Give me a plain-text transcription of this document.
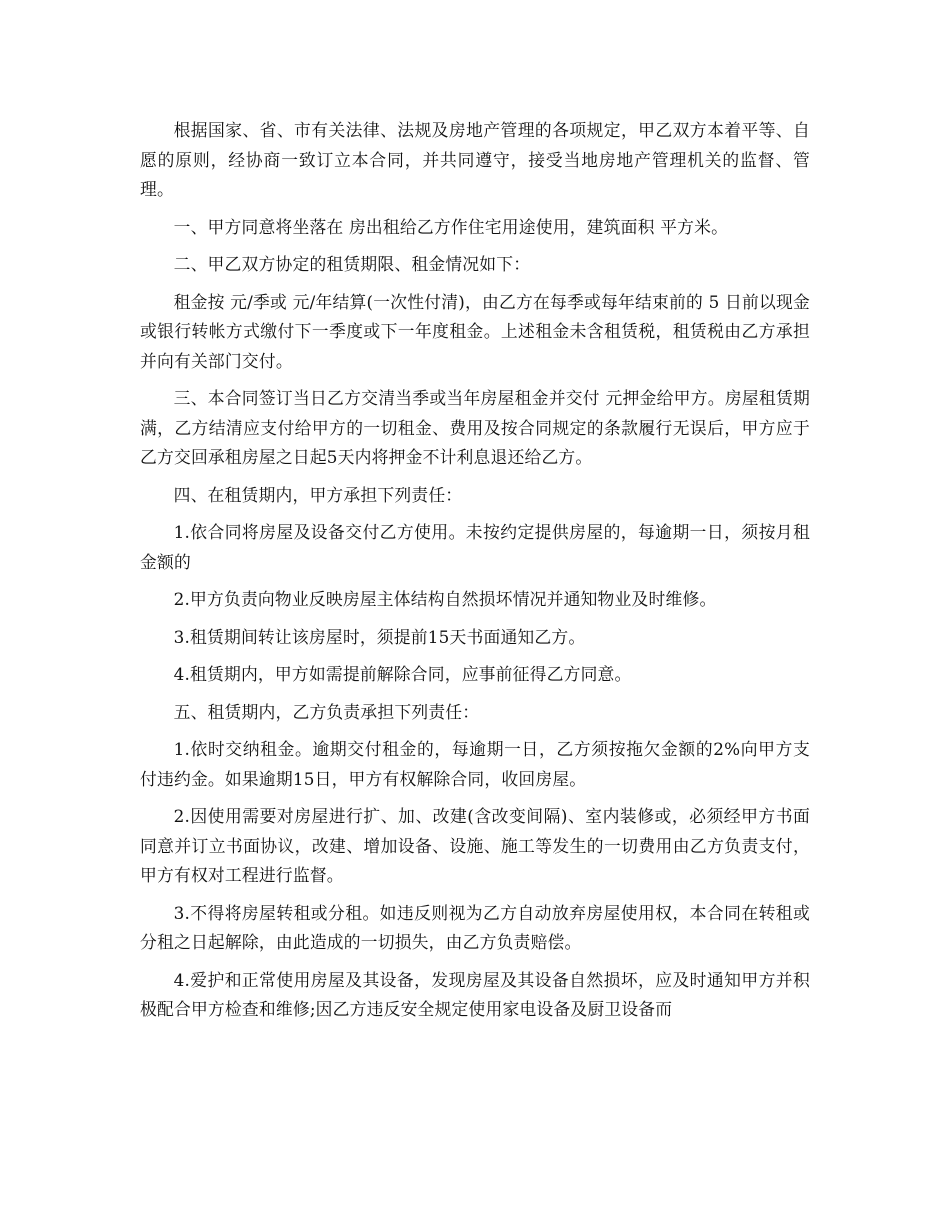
根据国家、省、市有关法律、法规及房地产管理的各项规定，甲乙双方本着平等、自愿的原则，经协商一致订立本合同，并共同遵守，接受当地房地产管理机关的监督、管理。

一、甲方同意将坐落在 房出租给乙方作住宅用途使用，建筑面积 平方米。

二、甲乙双方协定的租赁期限、租金情况如下：

租金按 元/季或 元/年结算(一次性付清)，由乙方在每季或每年结束前的 5 日前以现金或银行转帐方式缴付下一季度或下一年度租金。上述租金未含租赁税，租赁税由乙方承担并向有关部门交付。

三、本合同签订当日乙方交清当季或当年房屋租金并交付 元押金给甲方。房屋租赁期满，乙方结清应支付给甲方的一切租金、费用及按合同规定的条款履行无误后，甲方应于乙方交回承租房屋之日起5天内将押金不计利息退还给乙方。

四、在租赁期内，甲方承担下列责任：

1.依合同将房屋及设备交付乙方使用。未按约定提供房屋的，每逾期一日，须按月租金额的

2.甲方负责向物业反映房屋主体结构自然损坏情况并通知物业及时维修。

3.租赁期间转让该房屋时，须提前15天书面通知乙方。

4.租赁期内，甲方如需提前解除合同，应事前征得乙方同意。

五、租赁期内，乙方负责承担下列责任：

1.依时交纳租金。逾期交付租金的，每逾期一日，乙方须按拖欠金额的2%向甲方支付违约金。如果逾期15日，甲方有权解除合同，收回房屋。

2.因使用需要对房屋进行扩、加、改建(含改变间隔)、室内装修或，必须经甲方书面同意并订立书面协议，改建、增加设备、设施、施工等发生的一切费用由乙方负责支付，甲方有权对工程进行监督。

3.不得将房屋转租或分租。如违反则视为乙方自动放弃房屋使用权，本合同在转租或分租之日起解除，由此造成的一切损失，由乙方负责赔偿。

4.爱护和正常使用房屋及其设备，发现房屋及其设备自然损坏，应及时通知甲方并积极配合甲方检查和维修;因乙方违反安全规定使用家电设备及厨卫设备而
